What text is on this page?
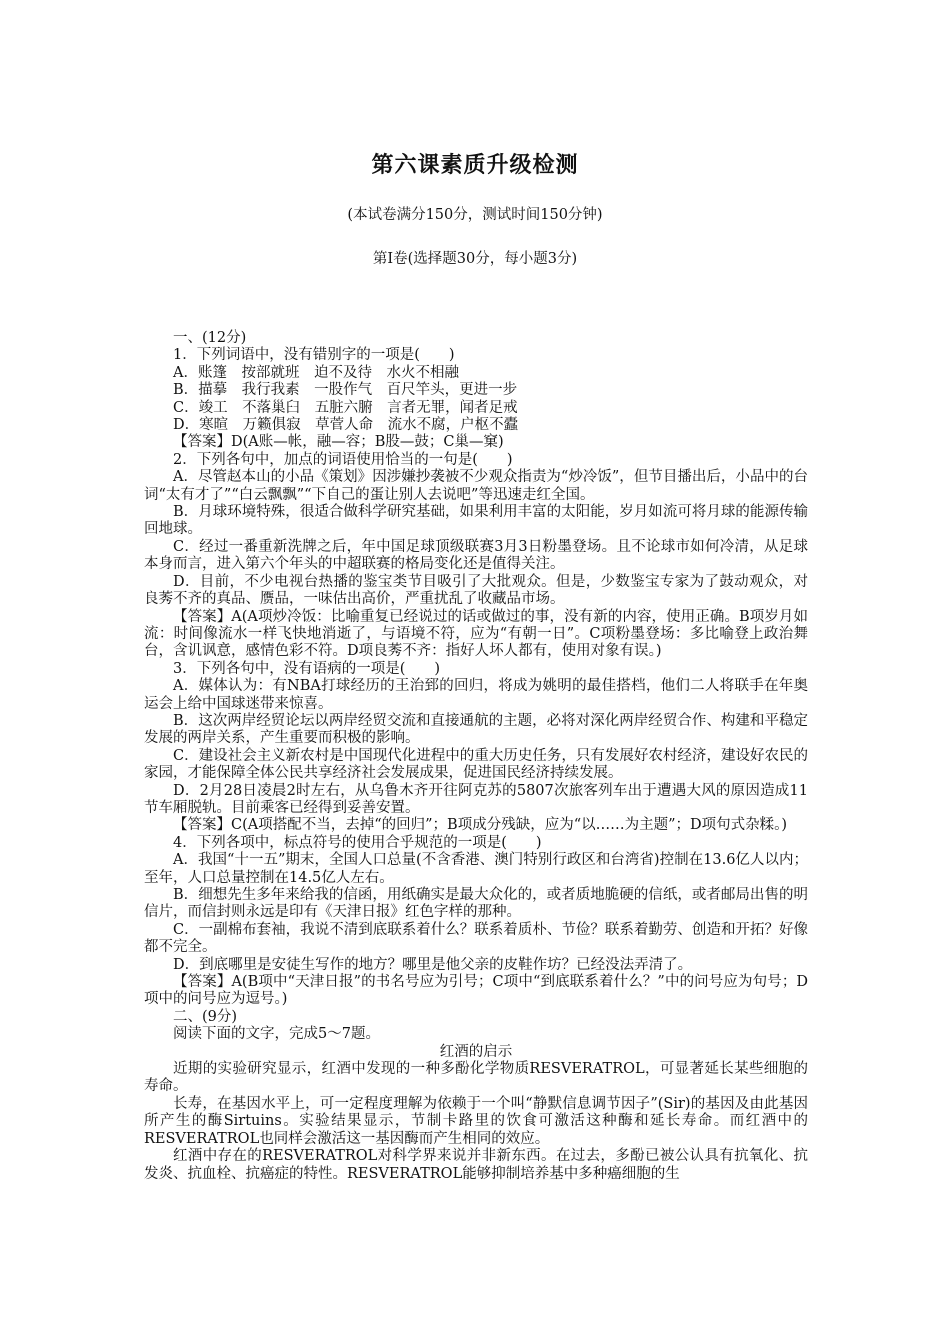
第六课素质升级检测
(本试卷满分150分，测试时间150分钟)
第Ⅰ卷(选择题30分，每小题3分)

一、(12分)

1．下列词语中，没有错别字的一项是(　　)

A．账篷　按部就班　迫不及待　水火不相融

B．描摹　我行我素　一股作气　百尺竿头，更进一步

C．竣工　不落巢臼　五脏六腑　言者无罪，闻者足戒

D．寒暄　万籁俱寂　草菅人命　流水不腐，户枢不蠹

【答案】D(A账—帐，融—容；B股—鼓；C巢—窠)

2．下列各句中，加点的词语使用恰当的一句是(　　)

A．尽管赵本山的小品《策划》因涉嫌抄袭被不少观众指责为“炒冷饭”，但节目播出后，小品中的台词“太有才了”“白云飘飘”“下自己的蛋让别人去说吧”等迅速走红全国。

B．月球环境特殊，很适合做科学研究基础，如果利用丰富的太阳能，岁月如流可将月球的能源传输回地球。

C．经过一番重新洗牌之后，年中国足球顶级联赛3月3日粉墨登场。且不论球市如何冷清，从足球本身而言，进入第六个年头的中超联赛的格局变化还是值得关注。

D．目前，不少电视台热播的鉴宝类节目吸引了大批观众。但是，少数鉴宝专家为了鼓动观众，对良莠不齐的真品、赝品，一味估出高价，严重扰乱了收藏品市场。

【答案】A(A项炒冷饭：比喻重复已经说过的话或做过的事，没有新的内容，使用正确。B项岁月如流：时间像流水一样飞快地消逝了，与语境不符，应为“有朝一日”。C项粉墨登场：多比喻登上政治舞台，含讥讽意，感情色彩不符。D项良莠不齐：指好人坏人都有，使用对象有误。)

3．下列各句中，没有语病的一项是(　　)

A．媒体认为：有NBA打球经历的王治郅的回归，将成为姚明的最佳搭档，他们二人将联手在年奥运会上给中国球迷带来惊喜。

B．这次两岸经贸论坛以两岸经贸交流和直接通航的主题，必将对深化两岸经贸合作、构建和平稳定发展的两岸关系，产生重要而积极的影响。

C．建设社会主义新农村是中国现代化进程中的重大历史任务，只有发展好农村经济，建设好农民的家园，才能保障全体公民共享经济社会发展成果，促进国民经济持续发展。

D．2月28日凌晨2时左右，从乌鲁木齐开往阿克苏的5807次旅客列车出于遭遇大风的原因造成11节车厢脱轨。目前乘客已经得到妥善安置。

【答案】C(A项搭配不当，去掉“的回归”；B项成分残缺，应为“以……为主题”；D项句式杂糅。)

4．下列各项中，标点符号的使用合乎规范的一项是(　　)

A．我国“十一五”期末，全国人口总量(不含香港、澳门特别行政区和台湾省)控制在13.6亿人以内；至年，人口总量控制在14.5亿人左右。

B．细想先生多年来给我的信函，用纸确实是最大众化的，或者质地脆硬的信纸，或者邮局出售的明信片，而信封则永远是印有《天津日报》红色字样的那种。

C．一副棉布套袖，我说不清到底联系着什么？联系着质朴、节俭？联系着勤劳、创造和开拓？好像都不完全。

D．到底哪里是安徒生写作的地方？哪里是他父亲的皮鞋作坊？已经没法弄清了。

【答案】A(B项中“天津日报”的书名号应为引号；C项中“到底联系着什么？”中的问号应为句号；D项中的问号应为逗号。)

二、(9分)

阅读下面的文字，完成5～7题。

红酒的启示

近期的实验研究显示，红酒中发现的一种多酚化学物质RESVERATROL，可显著延长某些细胞的寿命。

长寿，在基因水平上，可一定程度理解为依赖于一个叫“静默信息调节因子”(Sir)的基因及由此基因所产生的酶Sirtuins。实验结果显示，节制卡路里的饮食可激活这种酶和延长寿命。而红酒中的RESVERATROL也同样会激活这一基因酶而产生相同的效应。

红酒中存在的RESVERATROL对科学界来说并非新东西。在过去，多酚已被公认具有抗氧化、抗发炎、抗血栓、抗癌症的特性。RESVERATROL能够抑制培养基中多种癌细胞的生
